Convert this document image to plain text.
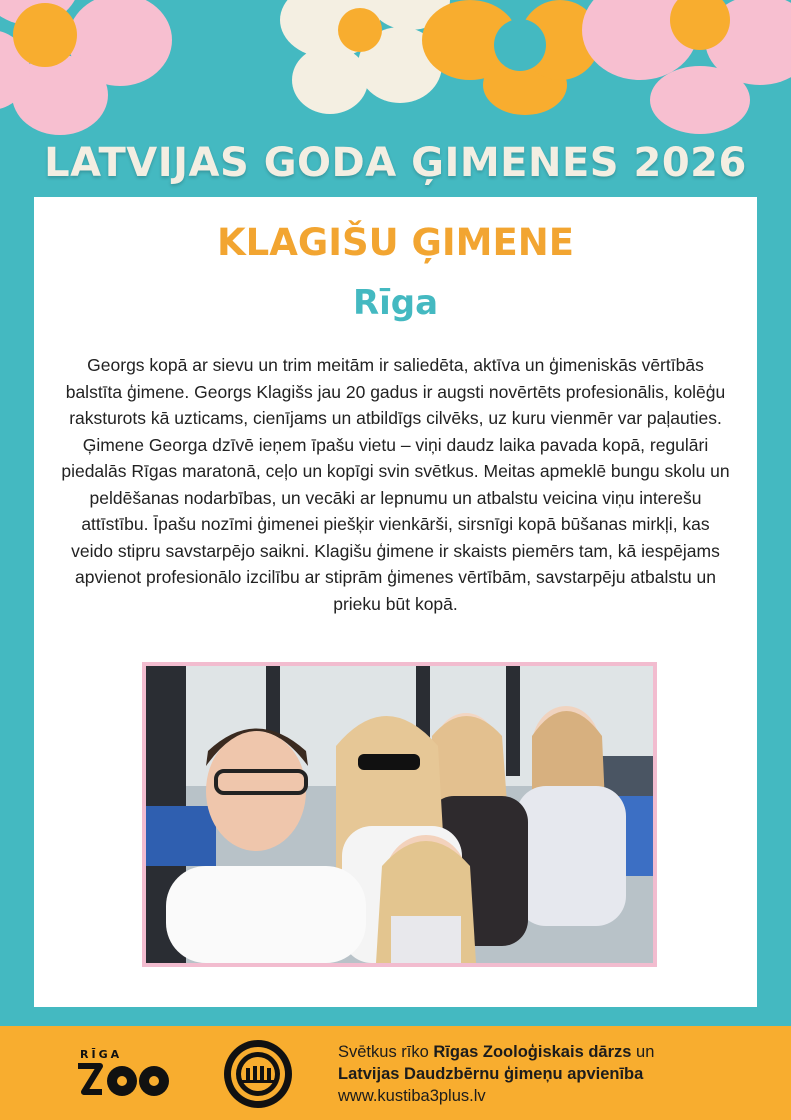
LATVIJAS GODA ĢIMENES 2026
KLAGIŠU ĢIMENE
Rīga
Georgs kopā ar sievu un trim meitām ir saliedēta, aktīva un ģimeniskās vērtībās balstīta ģimene. Georgs Klagišs jau 20 gadus ir augsti novērtēts profesionālis, kolēģu raksturots kā uzticams, cienījams un atbildīgs cilvēks, uz kuru vienmēr var paļauties. Ģimene Georga dzīvē ieņem īpašu vietu – viņi daudz laika pavada kopā, regulāri piedalās Rīgas maratonā, ceļo un kopīgi svin svētkus. Meitas apmeklē bungu skolu un peldēšanas nodarbības, un vecāki ar lepnumu un atbalstu veicina viņu interešu attīstību. Īpašu nozīmi ģimenei piešķir vienkārši, sirsnīgi kopā būšanas mirkļi, kas veido stipru savstarpējo saikni. Klagišu ģimene ir skaists piemērs tam, kā iespējams apvienot profesionālo izcilību ar stiprām ģimenes vērtībām, savstarpēju atbalstu un prieku būt kopā.
RĪGA	Svētkus rīko Rīgas Zooloģiskais dārzs un
Latvijas Daudzbērnu ģimeņu apvienība
www.kustiba3plus.lv
